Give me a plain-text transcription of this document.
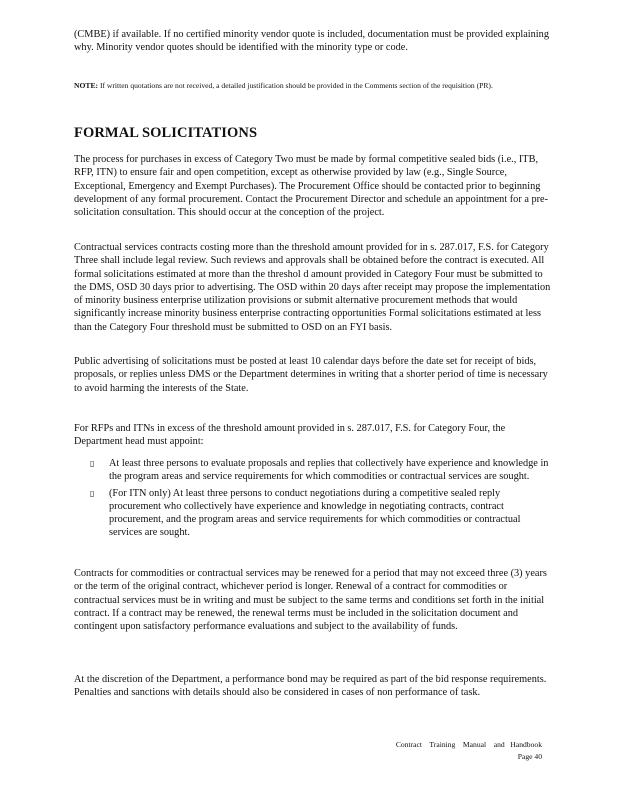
(CMBE) if available. If no certified minority vendor quote is included, documentation must be provided explaining why. Minority vendor quotes should be identified with the minority type or code.

NOTE: If written quotations are not received, a detailed justification should be provided in the Comments section of the requisition (PR).

FORMAL SOLICITATIONS

The process for purchases in excess of Category Two must be made by formal competitive sealed bids (i.e., ITB, RFP, ITN) to ensure fair and open competition, except as otherwise provided by law (e.g., Single Source, Exceptional, Emergency and Exempt Purchases). The Procurement Office should be contacted prior to beginning development of any formal procurement. Contact the Procurement Director and schedule an appointment for a pre- solicitation consultation. This should occur at the conception of the project.

Contractual services contracts costing more than the threshold amount provided for in s. 287.017, F.S. for Category Three shall include legal review. Such reviews and approvals shall be obtained before the contract is executed. All formal solicitations estimated at more than the threshol d amount provided in Category Four must be submitted to the DMS, OSD 30 days prior to advertising. The OSD within 20 days after receipt may propose the implementation of minority business enterprise utilization provisions or submit alternative procurement methods that would significantly increase minority business enterprise contracting opportunities Formal solicitations estimated at less than the Category Four threshold must be submitted to OSD on an FYI basis.

Public advertising of solicitations must be posted at least 10 calendar days before the date set for receipt of bids, proposals, or replies unless DMS or the Department determines in writing that a shorter period of time is necessary to avoid harming the interests of the State.

For RFPs and ITNs in excess of the threshold amount provided in s. 287.017, F.S. for Category Four, the Department head must appoint:

▯ At least three persons to evaluate proposals and replies that collectively have experience and knowledge in the program areas and service requirements for which commodities or contractual services are sought.
▯ (For ITN only) At least three persons to conduct negotiations during a competitive sealed reply procurement who collectively have experience and knowledge in negotiating contracts, contract procurement, and the program areas and service requirements for which commodities or contractual services are sought.

Contracts for commodities or contractual services may be renewed for a period that may not exceed three (3) years or the term of the original contract, whichever period is longer. Renewal of a contract for commodities or contractual services must be in writing and must be subject to the same terms and conditions set forth in the initial contract. If a contract may be renewed, the renewal terms must be included in the solicitation document and contingent upon satisfactory performance evaluations and subject to the availability of funds.

At the discretion of the Department, a performance bond may be required as part of the bid response requirements. Penalties and sanctions with details should also be considered in cases of non performance of task.

Contract    Training    Manual    and   Handbook
Page 40
